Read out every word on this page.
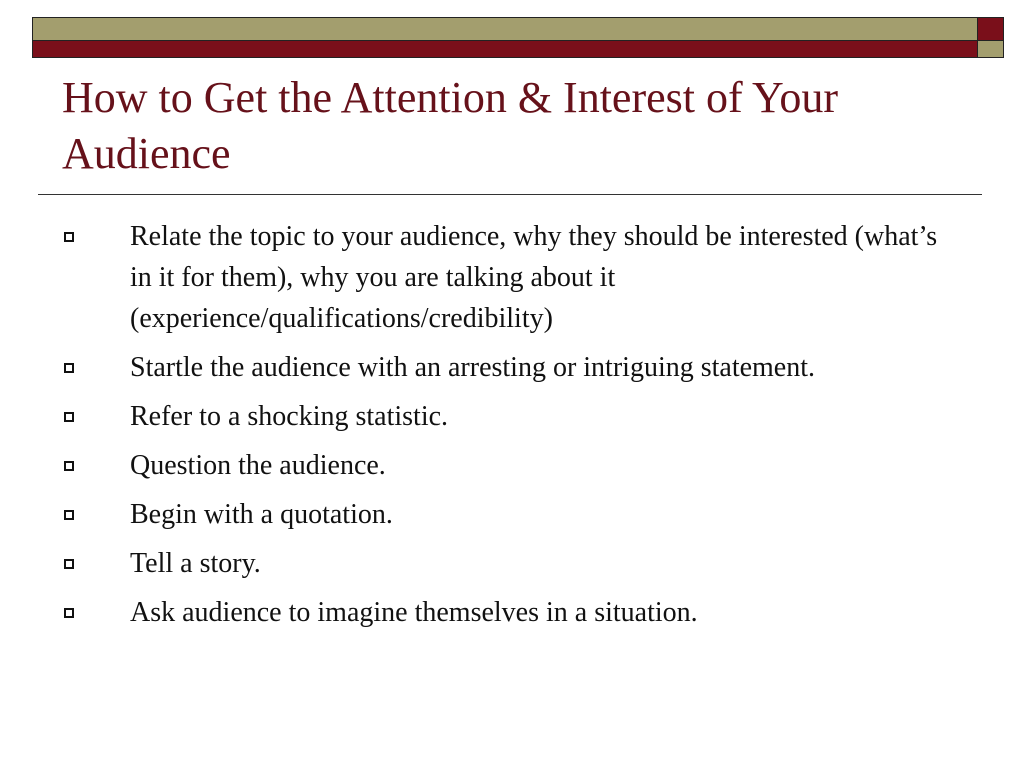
How to Get the Attention & Interest of Your Audience
Relate the topic to your audience, why they should be interested (what’s in it for them), why you are talking about it (experience/qualifications/credibility)
Startle the audience with an arresting or intriguing statement.
Refer to a shocking statistic.
Question the audience.
Begin with a quotation.
Tell a story.
Ask audience to imagine themselves in a situation.
